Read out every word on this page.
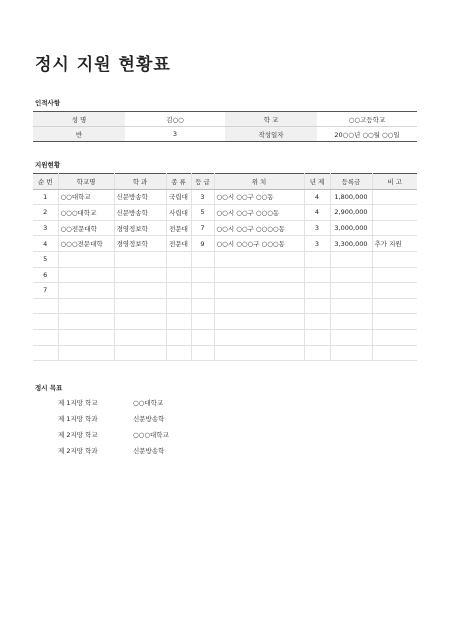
정시 지원 현황표
인적사항
성 명	김○○	학 교	○○고등학교
반	3	작성일자	20○○년 ○○월 ○○일
지원현황
순 번	학교명	학 과	종 류	등 급	위 치	년 제	등록금	비 고
1	○○대학교	신문방송학	국립대	3	○○시 ○○구 ○○동	4	1,800,000	
2	○○○대학교	신문방송학	사립대	5	○○시 ○○구 ○○○동	4	2,900,000	
3	○○전문대학	경영정보학	전문대	7	○○시 ○○구 ○○○○동	3	3,000,000	
4	○○○전문대학	경영정보학	전문대	9	○○시 ○○○구 ○○○동	3	3,300,000	추가 지원
5								
6								
7								

정시 목표
제 1지망 학교	○○대학교
제 1지망 학과	신문방송학
제 2지망 학교	○○○대학교
제 2지망 학과	신문방송학
